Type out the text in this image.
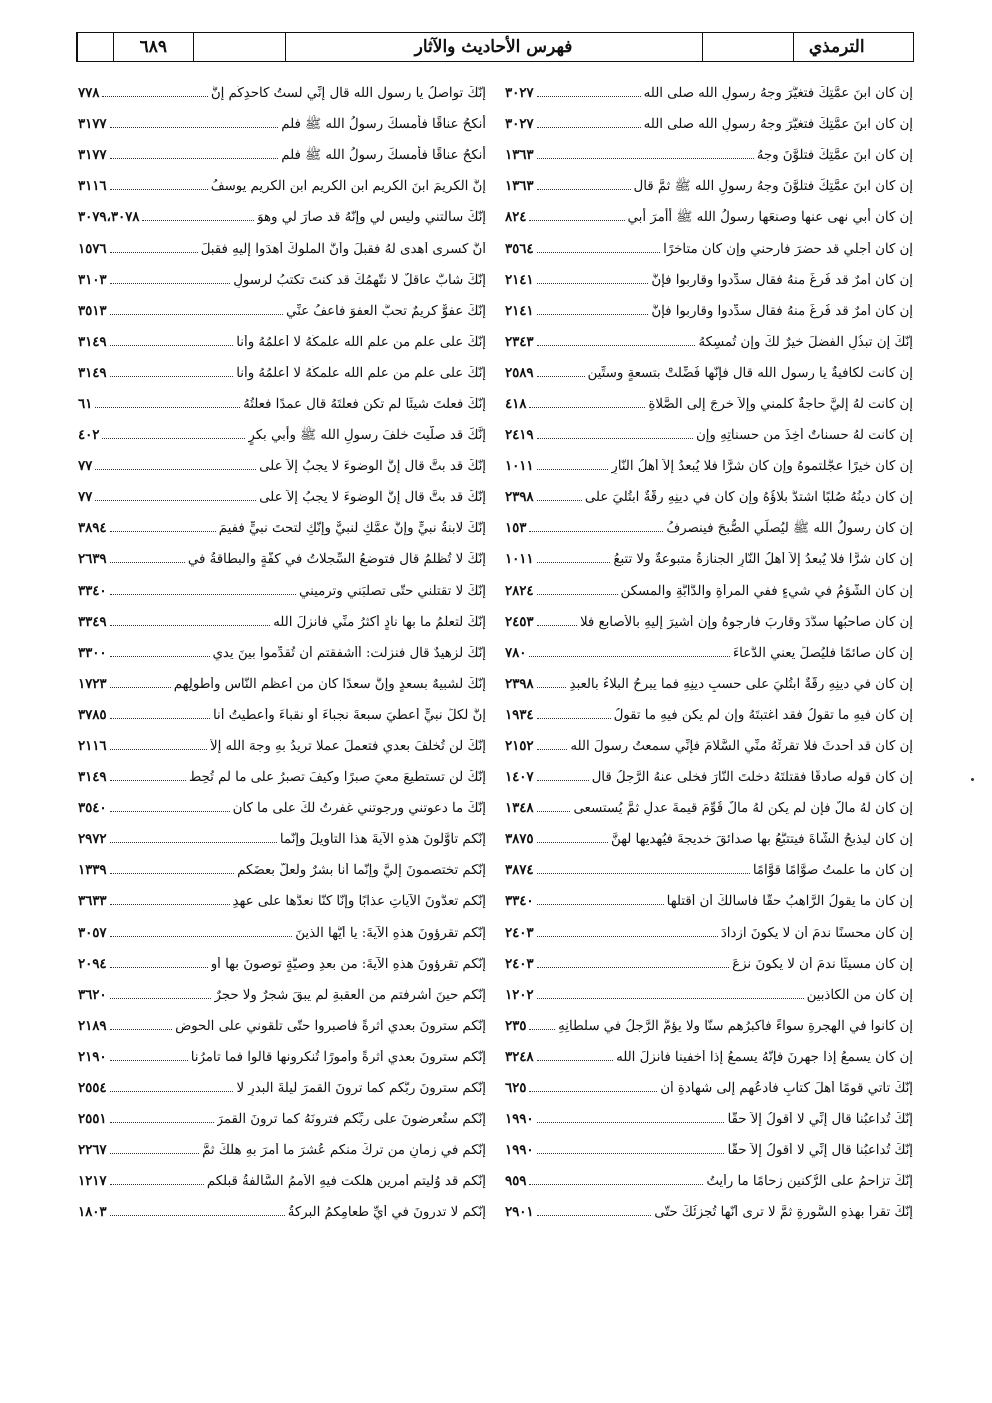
٦٨٩	فهرس الأحاديث والآثار	الترمذي
إن كان ابنَ عمَّتِكَ فتغيَّرَ وجهُ رسولِ الله صلى الله
٣٠٢٧
إن كان ابنَ عمَّتِكَ فتغيَّرَ وجهُ رسولِ الله صلى الله
٣٠٢٧
إن كان ابنَ عمَّتِكَ فتلوَّنَ وجهُ
١٣٦٣
إن كان ابنَ عمَّتِكَ فتلوَّنَ وجهُ رسولِ الله ﷺ ثمَّ قال
١٣٦٣
إن كان أبي نهى عنها وصنعَها رسولُ الله ﷺ أأمرَ أبي
٨٢٤
إن كان أجلي قد حضرَ فأرحني وإن كان متأخرًا
٣٥٦٤
إن كان أمرٌ قد فُرغَ منهُ فقال سدِّدوا وقاربوا فإنَّ
٢١٤١
إن كان أمرٌ قد فُرغَ منهُ فقال سدِّدوا وقاربوا فإنَّ
٢١٤١
إنَّكَ إن تبذُلِ الفضلَ خيرٌ لكَ وإن تُمسِكهُ
٢٣٤٣
إن كانت لكافيةٌ يا رسول الله قال فإنَّها فُضِّلَتْ بتسعةٍ وستِّين
٢٥٨٩
إن كانت لهُ إليَّ حاجةٌ كلَّمني وإلاّ خرجَ إلى الصَّلاةِ
٤١٨
إن كانت لهُ حسناتٌ أُخِذَ من حسناتِهِ وإن
٢٤١٩
إن كان خيرًا عجَّلتموهُ وإن كان شرًّا فلا يُبعدُ إلاّ أهلُ النَّارِ
١٠١١
إن كان دينُهُ صُلبًا اشتدَّ بلاؤُهُ وإن كان في دينِهِ رقَّةٌ ابتُليَ على
٢٣٩٨
إن كان رسولُ الله ﷺ ليُصلِّي الصُّبحَ فينصرفُ
١٥٣
إن كان شرًّا فلا يُبعدُ إلاّ أهلُ النَّارِ الجنازةُ متبوعةٌ ولا تتبعُ
١٠١١
إن كان الشُّؤمُ في شيءٍ ففي المرأةِ والدَّابَّةِ والمسكنِ
٢٨٢٤
إن كان صاحبُها سدَّدَ وقاربَ فارجوهُ وإن أُشيرَ إليهِ بالأصابعِ فلا
٢٤٥٣
إن كان صائمًا فليُصلِّ يعني الدُّعاءَ
٧٨٠
إن كان في دينِهِ رقَّةٌ ابتُليَ على حسبِ دينِهِ فما يبرحُ البلاءُ بالعبدِ
٢٣٩٨
إن كان فيهِ ما تقولُ فقد اغتبتَهُ وإن لم يكن فيهِ ما تقولُ
١٩٣٤
إن كان قد أحدثَ فلا تقرئْهُ منِّي السَّلامَ فإنِّي سمعتُ رسولَ الله
٢١٥٢
إن كان قولُه صادقًا فقتلتَهُ دخلتَ النَّارَ فخلَّى عنهُ الرَّجلُ قال
١٤٠٧
إن كان لهُ مالٌ فإن لم يكن لهُ مالٌ قُوِّمَ قيمةَ عدلٍ ثمَّ يُستسعى
١٣٤٨
إن كان ليذبحُ الشَّاةَ فيتتبَّعُ بها صدائقَ خديجةَ فيُهديها لهنَّ
٣٨٧٥
إن كان ما علمتُ صوَّامًا قوَّامًا
٣٨٧٤
إن كان ما يقولُ الرَّاهبُ حقًّا فأسألُكَ أن أقتلَها
٣٣٤٠
إن كان محسنًا ندمَ أن لا يكونَ ازدادَ
٢٤٠٣
إن كان مسيئًا ندمَ أن لا يكونَ نزعَ
٢٤٠٣
إن كان من الكاذبين
١٢٠٢
إن كانوا في الهجرةِ سواءً فأكبرُهم سنًّا ولا يؤمُّ الرَّجلُ في سلطانِهِ
٢٣٥
إن كان يسمعُ إذا جهرنَ فإنَّهُ يسمعُ إذا أخفينا فأنزلَ الله
٣٢٤٨
إنَّكَ تأتي قومًا أهلَ كتابٍ فادعُهم إلى شهادةِ أن
٦٢٥
إنَّكَ تُداعبُنا قال إنِّي لا أقولُ إلاّ حقًّا
١٩٩٠
إنَّكَ تُداعبُنا قال إنِّي لا أقولُ إلاّ حقًّا
١٩٩٠
إنَّكَ تزاحمُ على الرُّكنينِ زحامًا ما رأيتُ
٩٥٩
إنَّكَ تقرأُ بهذهِ السُّورةِ ثمَّ لا ترى أنَّها تُجزئُكَ حتَّى
٢٩٠١
إنَّكَ تواصلُ يا رسول الله قال إنِّي لستُ كأحدِكُم إنَّ
٧٧٨
أنكحُ عناقًا فأمسكَ رسولُ الله ﷺ فلم
٣١٧٧
أنكحُ عناقًا فأمسكَ رسولُ الله ﷺ فلم
٣١٧٧
إنَّ الكريمَ ابنَ الكريمِ ابنِ الكريمِ ابنِ الكريمِ يوسفُ
٣١١٦
إنَّكَ سألتني وليس لي وإنَّهُ قد صارَ لي وهوَ
٣٠٧٩،٣٠٧٨
أنَّ كسرى أهدى لهُ فقبلَ وأنَّ الملوكَ أهدَوا إليهِ فقبلَ
١٥٧٦
إنَّكَ شابٌّ عاقلٌ لا نتَّهمُكَ قد كنتَ تكتبُ لرسولِ
٣١٠٣
إنَّكَ عفوٌّ كريمٌ تحبُّ العفوَ فاعفُ عنِّي
٣٥١٣
إنَّكَ على علمٍ من علمِ الله علَّمكَهُ لا أعلمُهُ وأنا
٣١٤٩
إنَّكَ على علمٍ من علمِ الله علَّمكَهُ لا أعلمُهُ وأنا
٣١٤٩
إنَّكَ فعلتَ شيئًا لم تكن فعلتَهُ قال عمدًا فعلتُهُ
٦١
إنَّكَ قد صلَّيتَ خلفَ رسولِ الله ﷺ وأبي بكرٍ
٤٠٢
إنَّكَ قد بتَّ قال إنَّ الوضوءَ لا يجبُ إلاّ على
٧٧
إنَّكَ قد بتَّ قال إنَّ الوضوءَ لا يجبُ إلاّ على
٧٧
إنَّكَ لابنةُ نبيٍّ وإنَّ عمَّكِ لنبيٌّ وإنَّكِ لتحتَ نبيٍّ ففيمَ
٣٨٩٤
إنَّكَ لا تُظلمُ قال فتوضعُ السِّجلَّاتُ في كفَّةٍ والبطاقةُ في
٢٦٣٩
إنَّكَ لا تقتلني حتَّى تصلبَني وترميني
٣٣٤٠
إنَّكَ لتعلمُ ما بها نادٍ أكثرُ منِّي فأنزلَ الله
٣٣٤٩
إنَّكَ لزهيدٌ قال فنزلت: أأشفقتم أن تُقدِّموا بينَ يدي
٣٣٠٠
إنَّكَ لشبيهٌ بسعدٍ وإنَّ سعدًا كان من أعظمِ النَّاسِ وأطولِهم
١٧٢٣
إنَّ لكلِّ نبيٍّ أُعطيَ سبعةَ نجباءَ أو نقباءَ وأُعطيتُ أنا
٣٧٨٥
إنَّكَ لن تُخلَّفَ بعدي فتعملَ عملًا تريدُ بهِ وجهَ الله إلاّ
٢١١٦
إنَّكَ لن تستطيعَ معيَ صبرًا وكيفَ تصبرُ على ما لم تُحِطْ
٣١٤٩
إنَّكَ ما دعوتني ورجوتني غفرتُ لكَ على ما كان
٣٥٤٠
إنَّكم تأوَّلونَ هذهِ الآيةَ هذا التأويلَ وإنَّما
٢٩٧٢
إنَّكم تختصمونَ إليَّ وإنَّما أنا بشرٌ ولعلَّ بعضَكم
١٣٣٩
إنَّكم تعدُّونَ الآياتِ عذابًا وإنَّا كنَّا نعدُّها على عهدِ
٣٦٣٣
إنَّكم تقرؤونَ هذهِ الآيةَ: يا أيُّها الذينَ
٣٠٥٧
إنَّكم تقرؤونَ هذهِ الآيةَ: من بعدِ وصيَّةٍ توصونَ بها أو
٢٠٩٤
إنَّكم حينَ أشرفتم من العقبةِ لم يبقَ شجرٌ ولا حجرٌ
٣٦٢٠
إنَّكم سترونَ بعدي أثرةً فاصبروا حتَّى تلقوني على الحوضِ
٢١٨٩
إنَّكم سترونَ بعدي أثرةً وأمورًا تُنكرونها قالوا فما تأمرُنا
٢١٩٠
إنَّكم سترونَ ربَّكم كما ترونَ القمرَ ليلةَ البدرِ لا
٢٥٥٤
إنَّكم ستُعرضونَ على ربِّكم فترونَهُ كما ترونَ القمرَ
٢٥٥١
إنَّكم في زمانٍ من تركَ منكم عُشرَ ما أُمرَ بهِ هلكَ ثمَّ
٢٢٦٧
إنَّكم قد وُلِّيتم أمرينِ هلكت فيهِ الأممُ السَّالفةُ قبلَكم
١٢١٧
إنَّكم لا تدرونَ في أيِّ طعامِكمُ البركةُ
١٨٠٣
